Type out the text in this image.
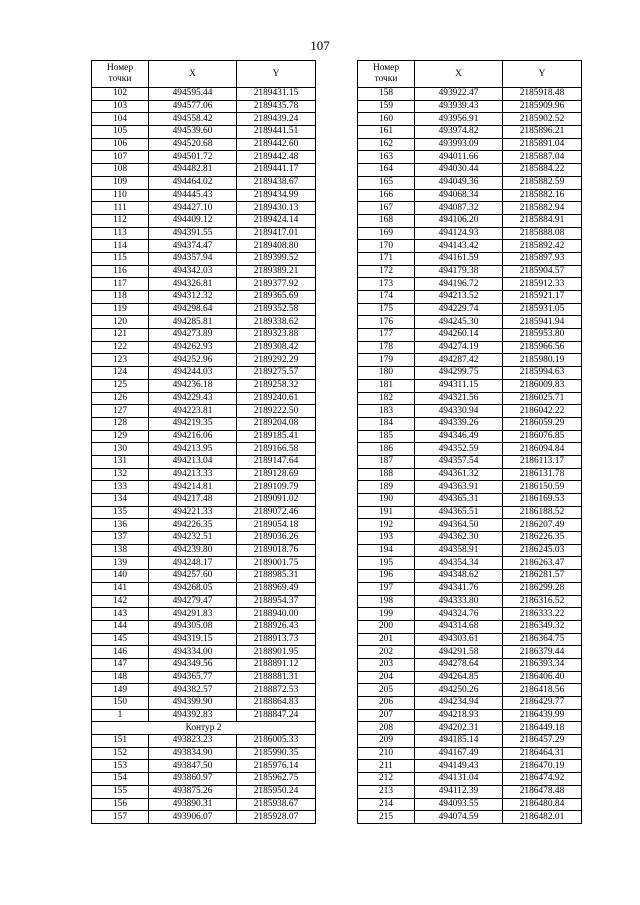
107
Номер
точки	X	Y
102	494595.44	2189431.15
103	494577.06	2189435.78
104	494558.42	2189439.24
105	494539.60	2189441.51
106	494520.68	2189442.60
107	494501.72	2189442.48
108	494482.81	2189441.17
109	494464.02	2189438.67
110	494445.43	2189434.99
111	494427.10	2189430.13
112	494409.12	2189424.14
113	494391.55	2189417.01
114	494374.47	2189408.80
115	494357.94	2189399.52
116	494342.03	2189389.21
117	494326.81	2189377.92
118	494312.32	2189365.69
119	494298.64	2189352.58
120	494285.81	2189338.62
121	494273.89	2189323.88
122	494262.93	2189308.42
123	494252.96	2189292.29
124	494244.03	2189275.57
125	494236.18	2189258.32
126	494229.43	2189240.61
127	494223.81	2189222.50
128	494219.35	2189204.08
129	494216.06	2189185.41
130	494213.95	2189166.58
131	494213.04	2189147.64
132	494213.33	2189128.69
133	494214.81	2189109.79
134	494217.48	2189091.02
135	494221.33	2189072.46
136	494226.35	2189054.18
137	494232.51	2189036.26
138	494239.80	2189018.76
139	494248.17	2189001.75
140	494257.60	2188985.31
141	494268.05	2188969.49
142	494279.47	2188954.37
143	494291.83	2188940.00
144	494305.08	2188926.43
145	494319.15	2188913.73
146	494334.00	2188901.95
147	494349.56	2188891.12
148	494365.77	2188881.31
149	494382.57	2188872.53
150	494399.90	2188864.83
1	494392.83	2188847.24
Контур 2		
151	493823.23	2186005.33
152	493834.90	2185990.35
153	493847.50	2185976.14
154	493860.97	2185962.75
155	493875.26	2185950.24
156	493890.31	2185938.67
157	493906.07	2185928.07
Номер
точки	X	Y
158	493922.47	2185918.48
159	493939.43	2185909.96
160	493956.91	2185902.52
161	493974.82	2185896.21
162	493993.09	2185891.04
163	494011.66	2185887.04
164	494030.44	2185884.22
165	494049.36	2185882.59
166	494068.34	2185882.16
167	494087.32	2185882.94
168	494106.20	2185884.91
169	494124.93	2185888.08
170	494143.42	2185892.42
171	494161.59	2185897.93
172	494179.38	2185904.57
173	494196.72	2185912.33
174	494213.52	2185921.17
175	494229.74	2185931.05
176	494245.30	2185941.94
177	494260.14	2185953.80
178	494274.19	2185966.56
179	494287.42	2185980.19
180	494299.75	2185994.63
181	494311.15	2186009.83
182	494321.56	2186025.71
183	494330.94	2186042.22
184	494339.26	2186059.29
185	494346.49	2186076.85
186	494352.59	2186094.84
187	494357.54	2186113.17
188	494361.32	2186131.78
189	494363.91	2186150.59
190	494365.31	2186169.53
191	494365.51	2186188.52
192	494364.50	2186207.49
193	494362.30	2186226.35
194	494358.91	2186245.03
195	494354.34	2186263.47
196	494348.62	2186281.57
197	494341.76	2186299.28
198	494333.80	2186316.52
199	494324.76	2186333.22
200	494314.68	2186349.32
201	494303.61	2186364.75
202	494291.58	2186379.44
203	494278.64	2186393.34
204	494264.85	2186406.40
205	494250.26	2186418.56
206	494234.94	2186429.77
207	494218.93	2186439.99
208	494202.31	2186449.18
209	494185.14	2186457.29
210	494167.49	2186464.31
211	494149.43	2186470.19
212	494131.04	2186474.92
213	494112.39	2186478.48
214	494093.55	2186480.84
215	494074.59	2186482.01
